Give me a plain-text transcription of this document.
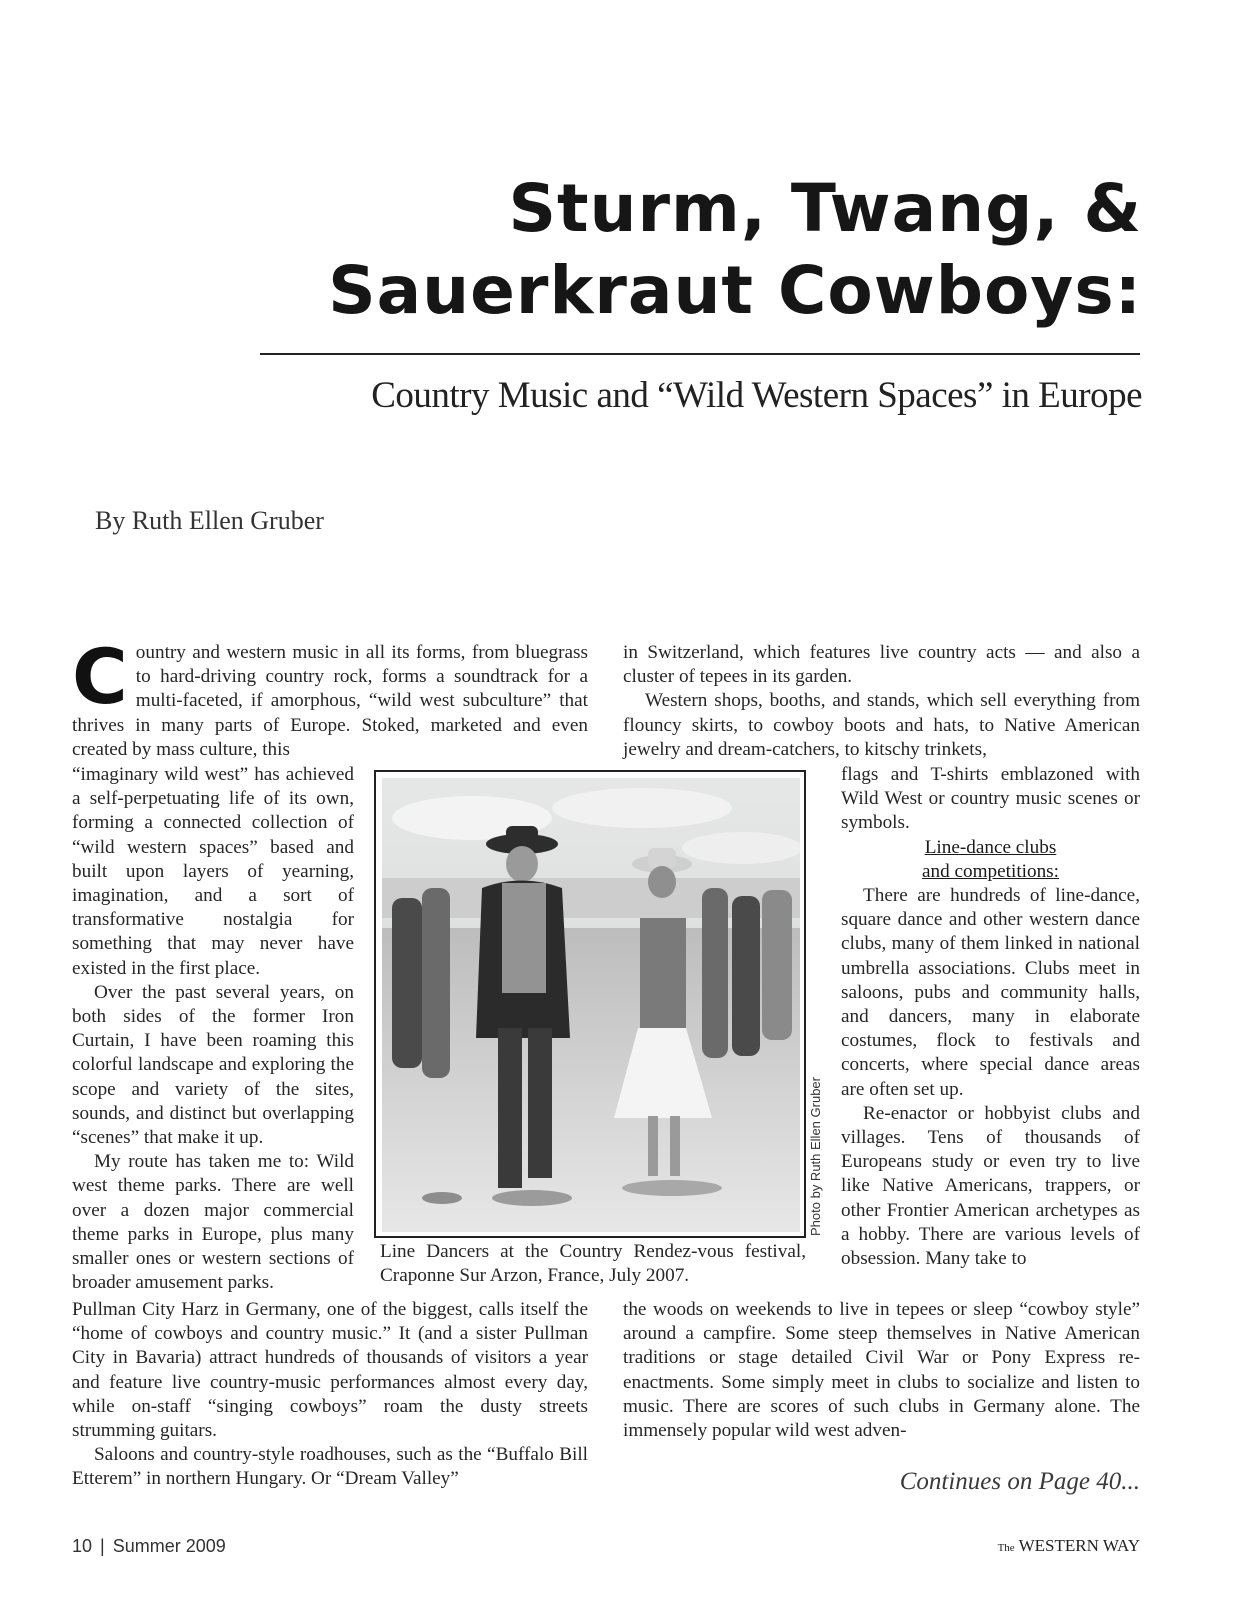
Sturm, Twang, &
Sauerkraut Cowboys:
Country Music and “Wild Western Spaces” in Europe
By Ruth Ellen Gruber

Country and western music in all its forms, from bluegrass to hard-driving country rock, forms a soundtrack for a multi-faceted, if amorphous, “wild west subculture” that thrives in many parts of Europe. Stoked, marketed and even created by mass culture, this

“imaginary wild west” has achieved a self-perpetuating life of its own, forming a connected collection of “wild western spaces” based and built upon layers of yearning, imagination, and a sort of transformative nostalgia for something that may never have existed in the first place.

Over the past several years, on both sides of the former Iron Curtain, I have been roaming this colorful landscape and exploring the scope and variety of the sites, sounds, and distinct but overlapping “scenes” that make it up.

My route has taken me to: Wild west theme parks. There are well over a dozen major commercial theme parks in Europe, plus many smaller ones or western sections of broader amusement parks.

Pullman City Harz in Germany, one of the biggest, calls itself the “home of cowboys and country music.” It (and a sister Pullman City in Bavaria) attract hundreds of thousands of visitors a year and feature live country-music performances almost every day, while on-staff “singing cowboys” roam the dusty streets strumming guitars.

Saloons and country-style roadhouses, such as the “Buffalo Bill Etterem” in northern Hungary. Or “Dream Valley”

in Switzerland, which features live country acts — and also a cluster of tepees in its garden.

Western shops, booths, and stands, which sell everything from flouncy skirts, to cowboy boots and hats, to Native American jewelry and dream-catchers, to kitschy trinkets,

flags and T-shirts emblazoned with Wild West or country music scenes or symbols.

Line-dance clubs
and competitions:

There are hundreds of line-dance, square dance and other western dance clubs, many of them linked in national umbrella associations. Clubs meet in saloons, pubs and community halls, and dancers, many in elaborate costumes, flock to festivals and concerts, where special dance areas are often set up.

Re-enactor or hobbyist clubs and villages. Tens of thousands of Europeans study or even try to live like Native Americans, trappers, or other Frontier American archetypes as a hobby. There are various levels of obsession. Many take to

the woods on weekends to live in tepees or sleep “cowboy style” around a campfire. Some steep themselves in Native American traditions or stage detailed Civil War or Pony Express re-enactments. Some simply meet in clubs to socialize and listen to music. There are scores of such clubs in Germany alone. The immensely popular wild west adven-

Photo by Ruth Ellen Gruber
Line Dancers at the Country Rendez-vous festival, Craponne Sur Arzon, France, July 2007.
Continues on Page 40...
10 | Summer 2009	The WESTERN WAY
